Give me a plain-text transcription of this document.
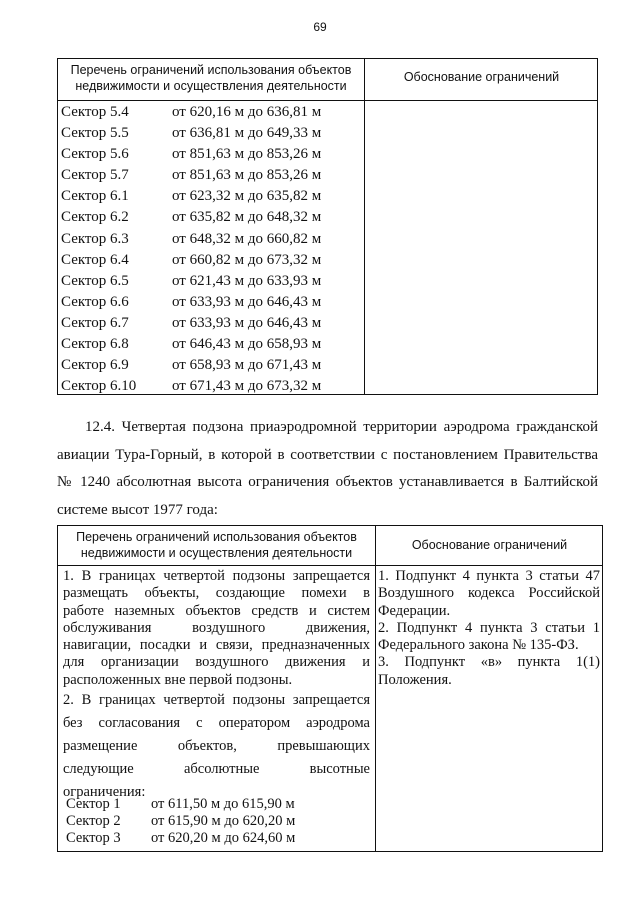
69
Перечень ограничений использования объектов
недвижимости и осуществления деятельности
Обоснование ограничений
Сектор 5.4	от 620,16 м до 636,81 м
Сектор 5.5	от 636,81 м до 649,33 м
Сектор 5.6	от 851,63 м до 853,26 м
Сектор 5.7	от 851,63 м до 853,26 м
Сектор 6.1	от 623,32 м до 635,82 м
Сектор 6.2	от 635,82 м до 648,32 м
Сектор 6.3	от 648,32 м до 660,82 м
Сектор 6.4	от 660,82 м до 673,32 м
Сектор 6.5	от 621,43 м до 633,93 м
Сектор 6.6	от 633,93 м до 646,43 м
Сектор 6.7	от 633,93 м до 646,43 м
Сектор 6.8	от 646,43 м до 658,93 м
Сектор 6.9	от 658,93 м до 671,43 м
Сектор 6.10 от 671,43 м до 673,32 м
12.4. Четвертая подзона приаэродромной территории аэродрома гражданской
авиации Тура-Горный, в которой в соответствии с постановлением Правительства
№ 1240 абсолютная высота ограничения объектов устанавливается в Балтийской
системе высот 1977 года:
Перечень ограничений использования объектов
недвижимости и осуществления деятельности
Обоснование ограничений
1. В границах четвертой подзоны запрещается
размещать объекты, создающие помехи в
работе наземных объектов средств и систем
обслуживания воздушного движения,
навигации, посадки и связи, предназначенных
для организации воздушного движения и
расположенных вне первой подзоны.
2. В границах четвертой подзоны запрещается
без согласования с оператором аэродрома
размещение объектов, превышающих
следующие абсолютные высотные
ограничения:
1. Подпункт 4 пункта 3 статьи 47
Воздушного кодекса Российской
Федерации.
2. Подпункт 4 пункта 3 статьи 1
Федерального закона № 135-ФЗ.
3. Подпункт «в» пункта 1(1)
Положения.
Сектор 1 от 611,50 м до 615,90 м
Сектор 2 от 615,90 м до 620,20 м
Сектор 3 от 620,20 м до 624,60 м
